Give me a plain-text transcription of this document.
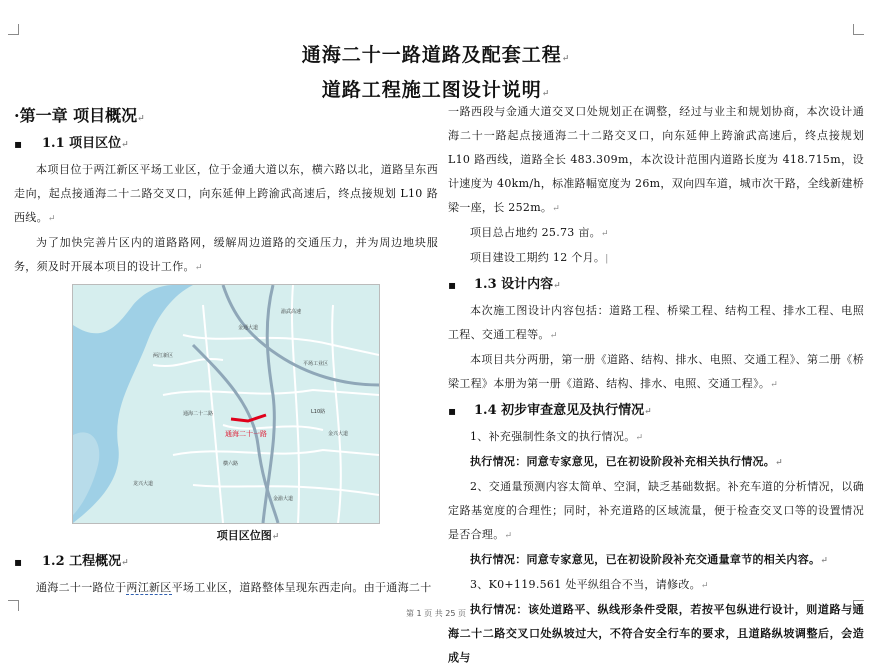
通海二十一路道路及配套工程↵
道路工程施工图设计说明↵
·第一章 项目概况↵
▪ 1.1 项目区位↵

本项目位于两江新区平场工业区，位于金通大道以东，横六路以北，道路呈东西走向，起点接通海二十二路交叉口，向东延伸上跨渝武高速后，终点接规划 L10 路西线。↵

为了加快完善片区内的道路路网，缓解周边道路的交通压力，并为周边地块服务，须及时开展本项目的设计工作。↵

金通大道
渝武高速
两江新区
平场工业区
通海二十二路	L10路
横六路
金兴大道
龙兴大道
金渝大道
通海二十一路
项目区位图↵
▪ 1.2 工程概况↵

通海二十一路位于两江新区平场工业区，道路整体呈现东西走向。由于通海二十

一路西段与金通大道交叉口处规划正在调整，经过与业主和规划协商，本次设计通海二十一路起点接通海二十二路交叉口，向东延伸上跨渝武高速后，终点接规划 L10 路西线，道路全长 483.309m，本次设计范围内道路长度为 418.715m，设计速度为 40km/h，标准路幅宽度为 26m，双向四车道，城市次干路，全线新建桥梁一座，长 252m。↵

项目总占地约 25.73 亩。↵

项目建设工期约 12 个月。|

▪ 1.3 设计内容↵

本次施工图设计内容包括：道路工程、桥梁工程、结构工程、排水工程、电照工程、交通工程等。↵

本项目共分两册，第一册《道路、结构、排水、电照、交通工程》、第二册《桥梁工程》本册为第一册《道路、结构、排水、电照、交通工程》。↵

▪ 1.4 初步审查意见及执行情况↵

1、补充强制性条文的执行情况。↵

执行情况：同意专家意见，已在初设阶段补充相关执行情况。↵

2、交通量预测内容太简单、空洞，缺乏基础数据。补充车道的分析情况，以确定路基宽度的合理性；同时，补充道路的区域流量，便于检查交叉口等的设置情况是否合理。↵

执行情况：同意专家意见，已在初设阶段补充交通量章节的相关内容。↵

3、K0+119.561 处平纵组合不当，请修改。↵

执行情况：该处道路平、纵线形条件受限，若按平包纵进行设计，则道路与通海二十二路交叉口处纵坡过大，不符合安全行车的要求，且道路纵坡调整后，会造成与

第 1 页 共 25 页
